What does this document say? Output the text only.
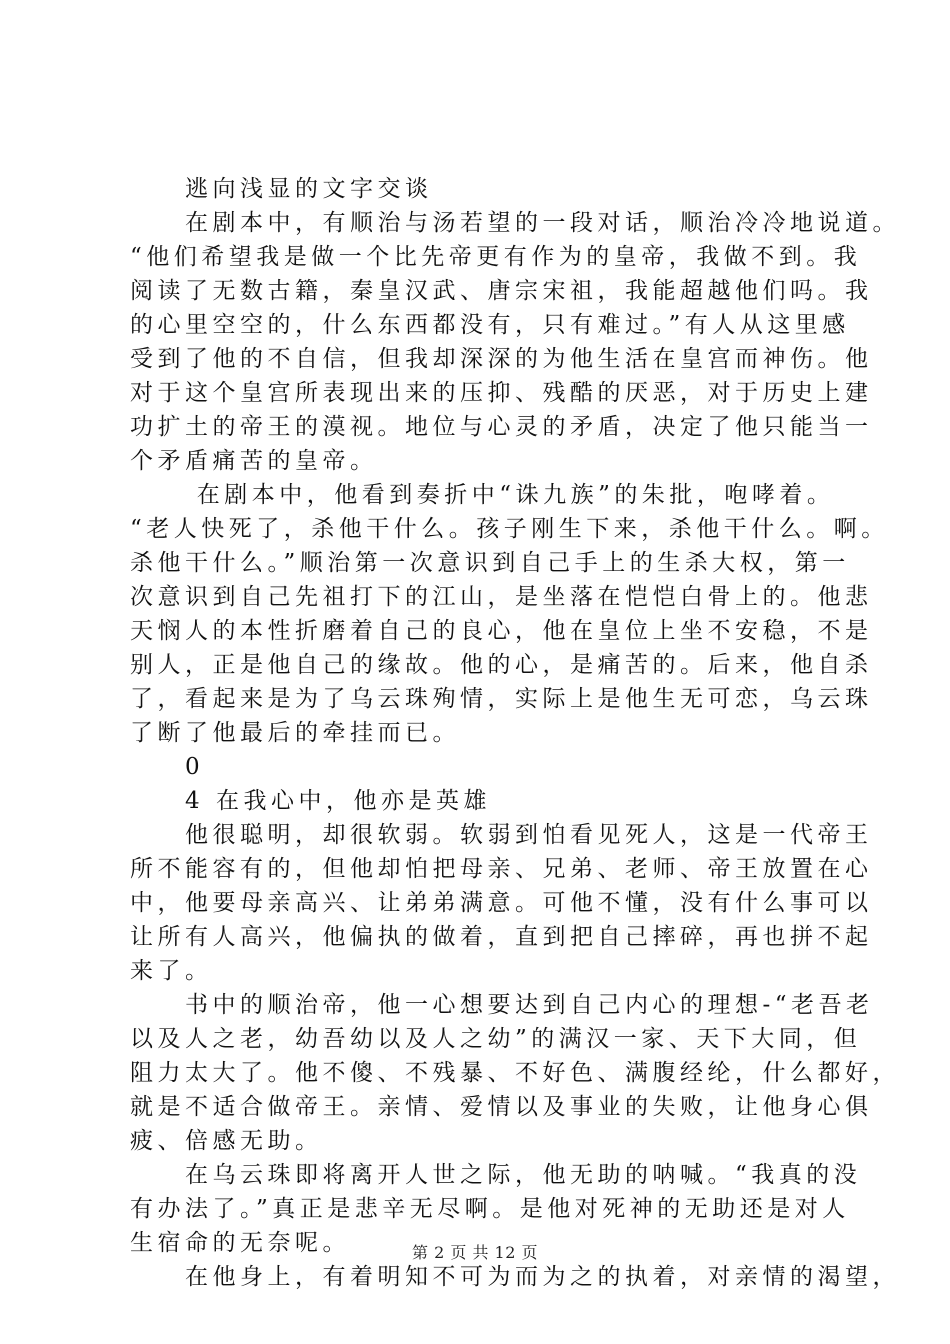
　　逃向浅显的文字交谈

　　在剧本中，有顺治与汤若望的一段对话，顺治冷冷地说道。

“他们希望我是做一个比先帝更有作为的皇帝，我做不到。我

阅读了无数古籍，秦皇汉武、唐宗宋祖，我能超越他们吗。我

的心里空空的，什么东西都没有，只有难过。”有人从这里感

受到了他的不自信，但我却深深的为他生活在皇宫而神伤。他

对于这个皇宫所表现出来的压抑、残酷的厌恶，对于历史上建

功扩土的帝王的漠视。地位与心灵的矛盾，决定了他只能当一

个矛盾痛苦的皇帝。

　　 在剧本中，他看到奏折中“诛九族”的朱批，咆哮着。

“老人快死了，杀他干什么。孩子刚生下来，杀他干什么。啊。

杀他干什么。”顺治第一次意识到自己手上的生杀大权，第一

次意识到自己先祖打下的江山，是坐落在恺恺白骨上的。他悲

天悯人的本性折磨着自己的良心，他在皇位上坐不安稳，不是

别人，正是他自己的缘故。他的心，是痛苦的。后来，他自杀

了，看起来是为了乌云珠殉情，实际上是他生无可恋，乌云珠

了断了他最后的牵挂而已。

　　0

　　4 在我心中，他亦是英雄

　　他很聪明，却很软弱。软弱到怕看见死人，这是一代帝王

所不能容有的，但他却怕把母亲、兄弟、老师、帝王放置在心

中，他要母亲高兴、让弟弟满意。可他不懂，没有什么事可以

让所有人高兴，他偏执的做着，直到把自己摔碎，再也拼不起

来了。

　　书中的顺治帝，他一心想要达到自己内心的理想-“老吾老

以及人之老，幼吾幼以及人之幼”的满汉一家、天下大同，但

阻力太大了。他不傻、不残暴、不好色、满腹经纶，什么都好，

就是不适合做帝王。亲情、爱情以及事业的失败，让他身心俱

疲、倍感无助。

　　在乌云珠即将离开人世之际，他无助的呐喊。“我真的没

有办法了。”真正是悲辛无尽啊。是他对死神的无助还是对人

生宿命的无奈呢。

　　在他身上，有着明知不可为而为之的执着，对亲情的渴望，

第 2 页 共 12 页
